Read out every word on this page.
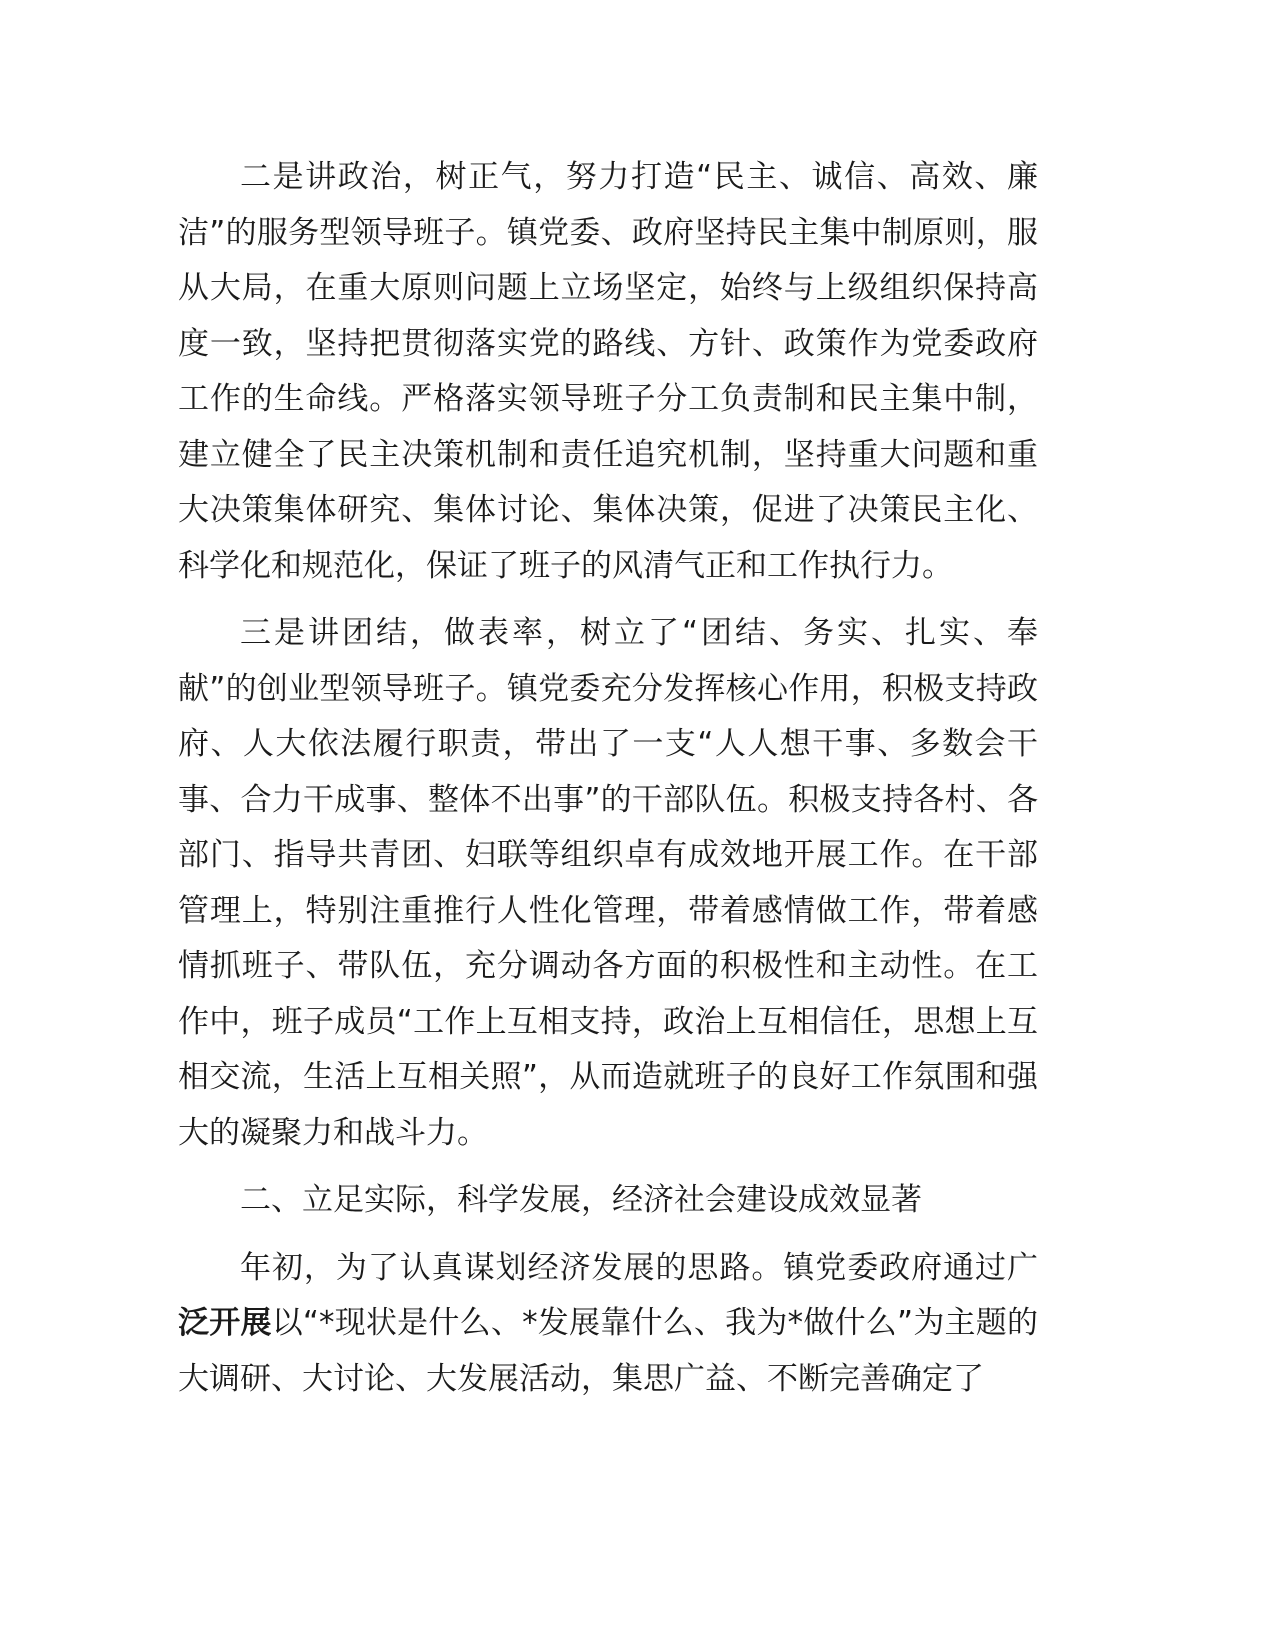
二是讲政治，树正气，努力打造“民主、诚信、高效、廉洁”的服务型领导班子。镇党委、政府坚持民主集中制原则，服从大局，在重大原则问题上立场坚定，始终与上级组织保持高度一致，坚持把贯彻落实党的路线、方针、政策作为党委政府工作的生命线。严格落实领导班子分工负责制和民主集中制，建立健全了民主决策机制和责任追究机制，坚持重大问题和重大决策集体研究、集体讨论、集体决策，促进了决策民主化、科学化和规范化，保证了班子的风清气正和工作执行力。

三是讲团结，做表率，树立了“团结、务实、扎实、奉献”的创业型领导班子。镇党委充分发挥核心作用，积极支持政府、人大依法履行职责，带出了一支“人人想干事、多数会干事、合力干成事、整体不出事”的干部队伍。积极支持各村、各部门、指导共青团、妇联等组织卓有成效地开展工作。在干部管理上，特别注重推行人性化管理，带着感情做工作，带着感情抓班子、带队伍，充分调动各方面的积极性和主动性。在工作中，班子成员“工作上互相支持，政治上互相信任，思想上互相交流，生活上互相关照”，从而造就班子的良好工作氛围和强大的凝聚力和战斗力。

二、立足实际，科学发展，经济社会建设成效显著

年初，为了认真谋划经济发展的思路。镇党委政府通过广泛开展以“*现状是什么、*发展靠什么、我为*做什么”为主题的大调研、大讨论、大发展活动，集思广益、不断完善确定了
